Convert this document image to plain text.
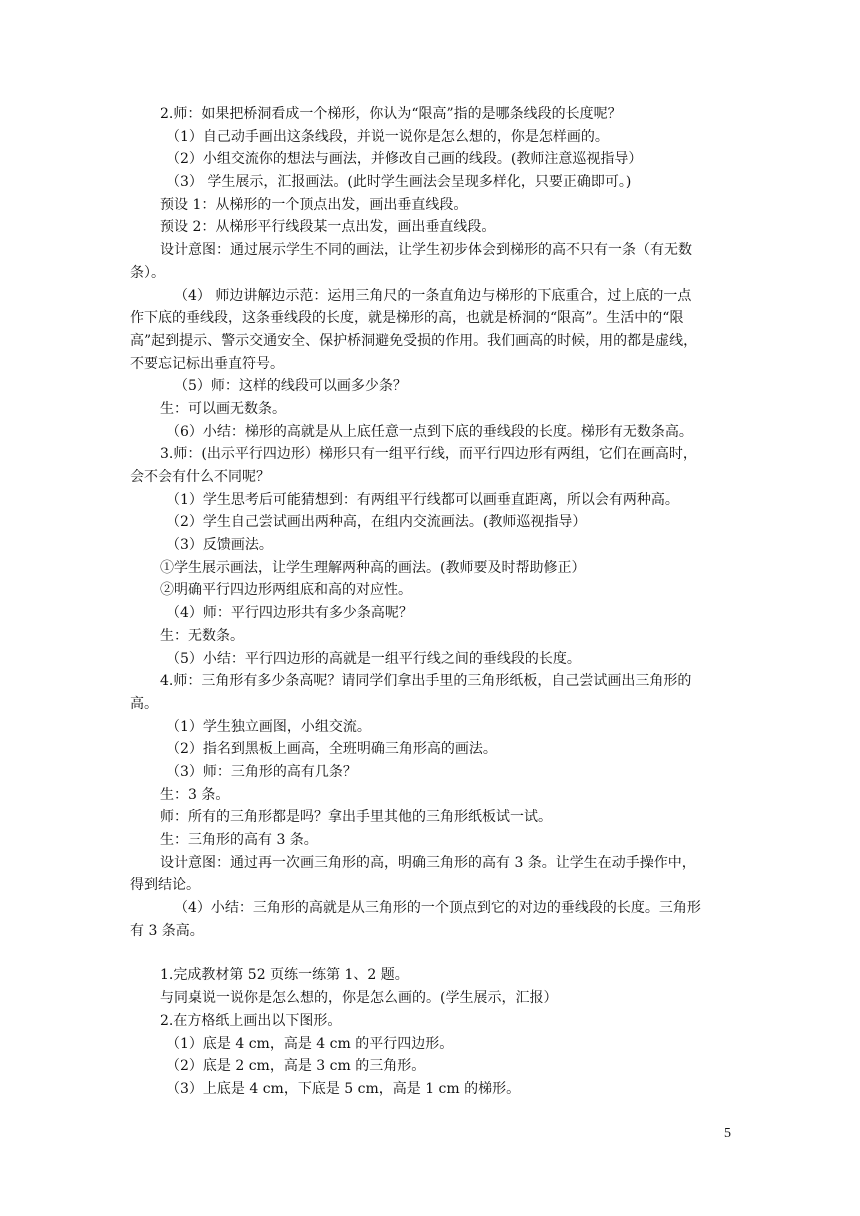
2.师：如果把桥洞看成一个梯形，你认为“限高”指的是哪条线段的长度呢？
（1）自己动手画出这条线段，并说一说你是怎么想的，你是怎样画的。
（2）小组交流你的想法与画法，并修改自己画的线段。(教师注意巡视指导）
（3） 学生展示，汇报画法。(此时学生画法会呈现多样化，只要正确即可。)
预设 1：从梯形的一个顶点出发，画出垂直线段。
预设 2：从梯形平行线段某一点出发，画出垂直线段。
设计意图：通过展示学生不同的画法，让学生初步体会到梯形的高不只有一条（有无数
条）。
（4） 师边讲解边示范：运用三角尺的一条直角边与梯形的下底重合，过上底的一点
作下底的垂线段，这条垂线段的长度，就是梯形的高，也就是桥洞的“限高”。生活中的“限
高”起到提示、警示交通安全、保护桥洞避免受损的作用。我们画高的时候，用的都是虚线，
不要忘记标出垂直符号。
（5）师：这样的线段可以画多少条？
生：可以画无数条。
（6）小结：梯形的高就是从上底任意一点到下底的垂线段的长度。梯形有无数条高。
3.师：(出示平行四边形）梯形只有一组平行线，而平行四边形有两组，它们在画高时，
会不会有什么不同呢？
（1）学生思考后可能猜想到：有两组平行线都可以画垂直距离，所以会有两种高。
（2）学生自己尝试画出两种高，在组内交流画法。(教师巡视指导）
（3）反馈画法。
①学生展示画法，让学生理解两种高的画法。(教师要及时帮助修正）
②明确平行四边形两组底和高的对应性。
（4）师：平行四边形共有多少条高呢？
生：无数条。
（5）小结：平行四边形的高就是一组平行线之间的垂线段的长度。
4.师：三角形有多少条高呢？请同学们拿出手里的三角形纸板，自己尝试画出三角形的
高。
（1）学生独立画图，小组交流。
（2）指名到黑板上画高，全班明确三角形高的画法。
（3）师：三角形的高有几条？
生：3 条。
师：所有的三角形都是吗？拿出手里其他的三角形纸板试一试。
生：三角形的高有 3 条。
设计意图：通过再一次画三角形的高，明确三角形的高有 3 条。让学生在动手操作中，
得到结论。
（4）小结：三角形的高就是从三角形的一个顶点到它的对边的垂线段的长度。三角形
有 3 条高。
1.完成教材第 52 页练一练第 1、2 题。
与同桌说一说你是怎么想的，你是怎么画的。(学生展示，汇报）
2.在方格纸上画出以下图形。
（1）底是 4 cm，高是 4 cm 的平行四边形。
（2）底是 2 cm，高是 3 cm 的三角形。
（3）上底是 4 cm，下底是 5 cm，高是 1 cm 的梯形。
5
